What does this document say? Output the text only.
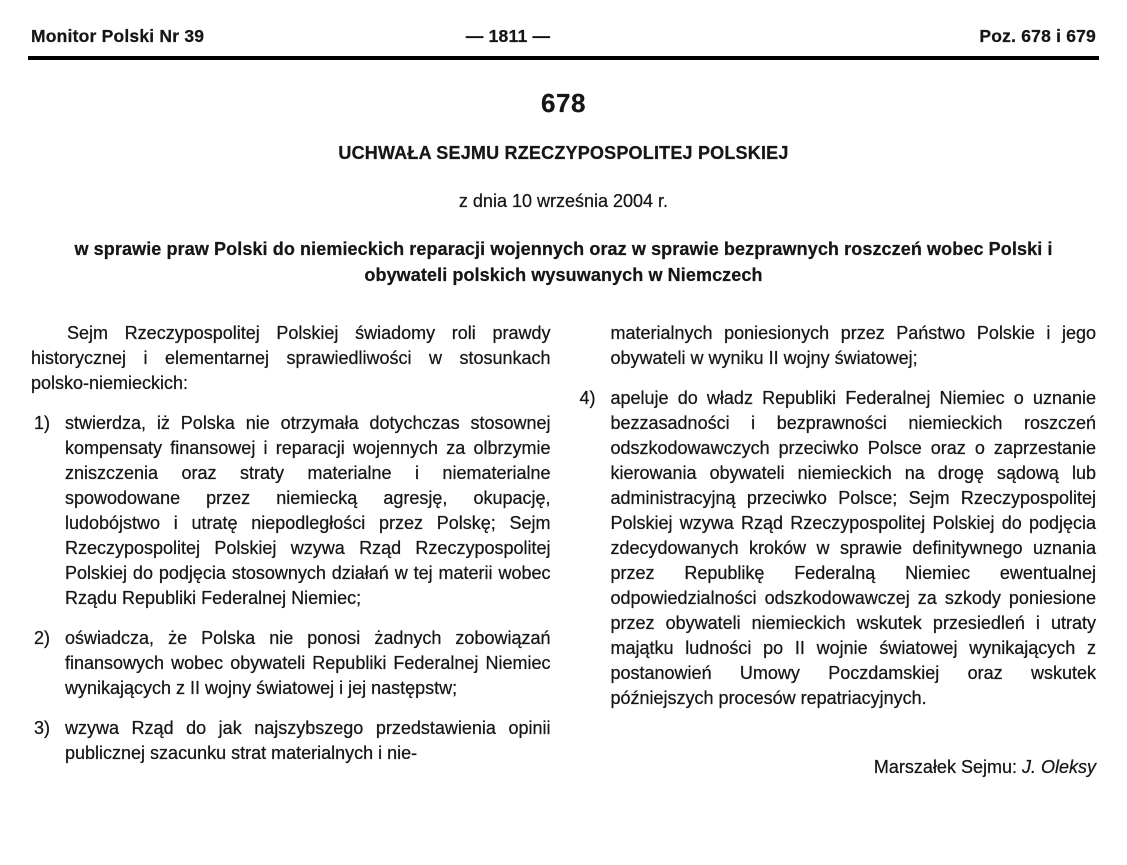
Monitor Polski Nr 39	— 1811 —	Poz. 678 i 679
678
UCHWAŁA SEJMU RZECZYPOSPOLITEJ POLSKIEJ
z dnia 10 września 2004 r.
w sprawie praw Polski do niemieckich reparacji wojennych oraz w sprawie bezprawnych roszczeń wobec Polski i obywateli polskich wysuwanych w Niemczech

Sejm Rzeczypospolitej Polskiej świadomy roli prawdy historycznej i elementarnej sprawiedliwości w stosunkach polsko-niemieckich:

1) stwierdza, iż Polska nie otrzymała dotychczas stosownej kompensaty finansowej i reparacji wojennych za olbrzymie zniszczenia oraz straty materialne i niematerialne spowodowane przez niemiecką agresję, okupację, ludobójstwo i utratę niepodległości przez Polskę; Sejm Rzeczypospolitej Polskiej wzywa Rząd Rzeczypospolitej Polskiej do podjęcia stosownych działań w tej materii wobec Rządu Republiki Federalnej Niemiec;
2) oświadcza, że Polska nie ponosi żadnych zobowiązań finansowych wobec obywateli Republiki Federalnej Niemiec wynikających z II wojny światowej i jej następstw;
3) wzywa Rząd do jak najszybszego przedstawienia opinii publicznej szacunku strat materialnych i nie-

materialnych poniesionych przez Państwo Polskie i jego obywateli w wyniku II wojny światowej;

4) apeluje do władz Republiki Federalnej Niemiec o uznanie bezzasadności i bezprawności niemieckich roszczeń odszkodowawczych przeciwko Polsce oraz o zaprzestanie kierowania obywateli niemieckich na drogę sądową lub administracyjną przeciwko Polsce; Sejm Rzeczypospolitej Polskiej wzywa Rząd Rzeczypospolitej Polskiej do podjęcia zdecydowanych kroków w sprawie definitywnego uznania przez Republikę Federalną Niemiec ewentualnej odpowiedzialności odszkodowawczej za szkody poniesione przez obywateli niemieckich wskutek przesiedleń i utraty majątku ludności po II wojnie światowej wynikających z postanowień Umowy Poczdamskiej oraz wskutek późniejszych procesów repatriacyjnych.
Marszałek Sejmu: J. Oleksy
